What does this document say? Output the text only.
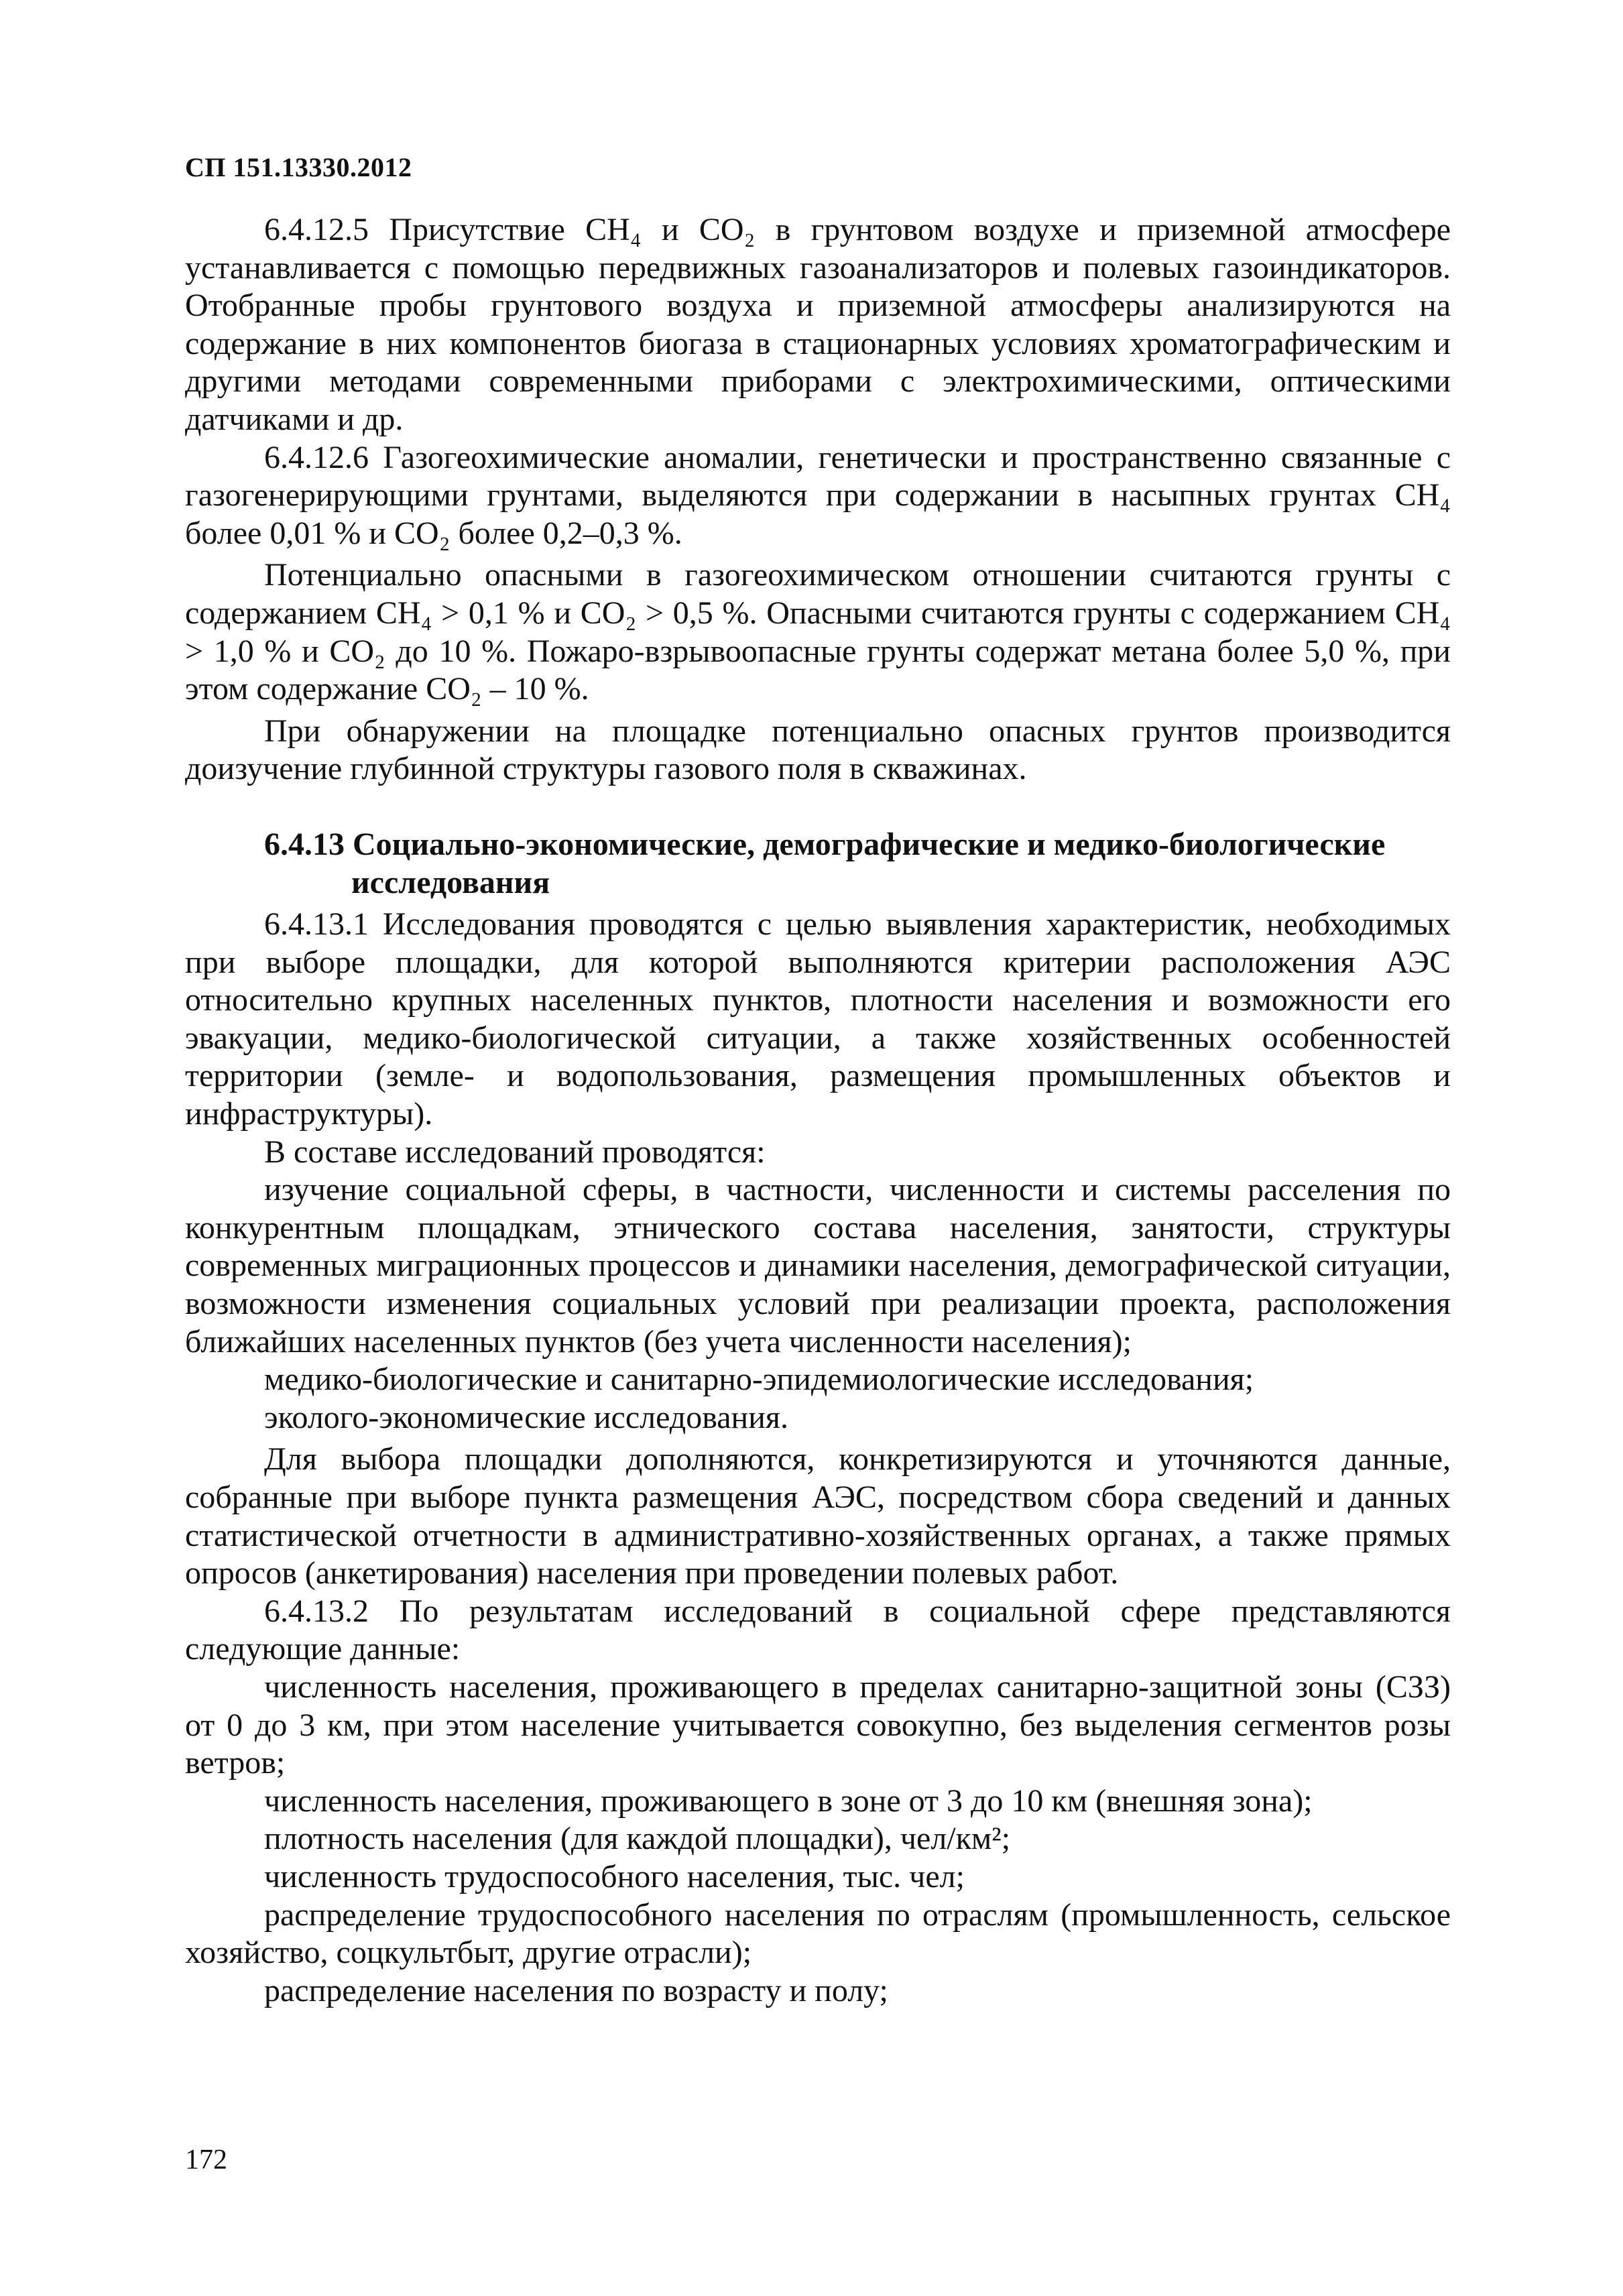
СП 151.13330.2012

6.4.12.5 Присутствие CH₄ и CO₂ в грунтовом воздухе и приземной атмосфере устанавливается с помощью передвижных газоанализаторов и полевых газоиндикаторов. Отобранные пробы грунтового воздуха и приземной атмосферы анализируются на содержание в них компонентов биогаза в стационарных условиях хроматографическим и другими методами современными приборами с электрохимическими, оптическими датчиками и др.

6.4.12.6 Газогеохимические аномалии, генетически и пространственно связанные с газогенерирующими грунтами, выделяются при содержании в насыпных грунтах CH₄ более 0,01 % и CO₂ более 0,2–0,3 %.

Потенциально опасными в газогеохимическом отношении считаются грунты с содержанием CH₄ > 0,1 % и CO₂ > 0,5 %. Опасными считаются грунты с содержанием CH₄ > 1,0 % и CO₂ до 10 %. Пожаро-взрывоопасные грунты содержат метана более 5,0 %, при этом содержание CO₂ – 10 %.

При обнаружении на площадке потенциально опасных грунтов производится доизучение глубинной структуры газового поля в скважинах.

6.4.13 Социально-экономические, демографические и медико-биологические
исследования

6.4.13.1 Исследования проводятся с целью выявления характеристик, необходимых при выборе площадки, для которой выполняются критерии расположения АЭС относительно крупных населенных пунктов, плотности населения и возможности его эвакуации, медико-биологической ситуации, а также хозяйственных особенностей территории (земле- и водопользования, размещения промышленных объектов и инфраструктуры).

В составе исследований проводятся:

изучение социальной сферы, в частности, численности и системы расселения по конкурентным площадкам, этнического состава населения, занятости, структуры современных миграционных процессов и динамики населения, демографической ситуации, возможности изменения социальных условий при реализации проекта, расположения ближайших населенных пунктов (без учета численности населения);

медико-биологические и санитарно-эпидемиологические исследования;

эколого-экономические исследования.

Для выбора площадки дополняются, конкретизируются и уточняются данные, собранные при выборе пункта размещения АЭС, посредством сбора сведений и данных статистической отчетности в административно-хозяйственных органах, а также прямых опросов (анкетирования) населения при проведении полевых работ.

6.4.13.2 По результатам исследований в социальной сфере представляются следующие данные:

численность населения, проживающего в пределах санитарно-защитной зоны (СЗЗ) от 0 до 3 км, при этом население учитывается совокупно, без выделения сегментов розы ветров;

численность населения, проживающего в зоне от 3 до 10 км (внешняя зона);

плотность населения (для каждой площадки), чел/км²;

численность трудоспособного населения, тыс. чел;

распределение трудоспособного населения по отраслям (промышленность, сельское хозяйство, соцкультбыт, другие отрасли);

распределение населения по возрасту и полу;

172
